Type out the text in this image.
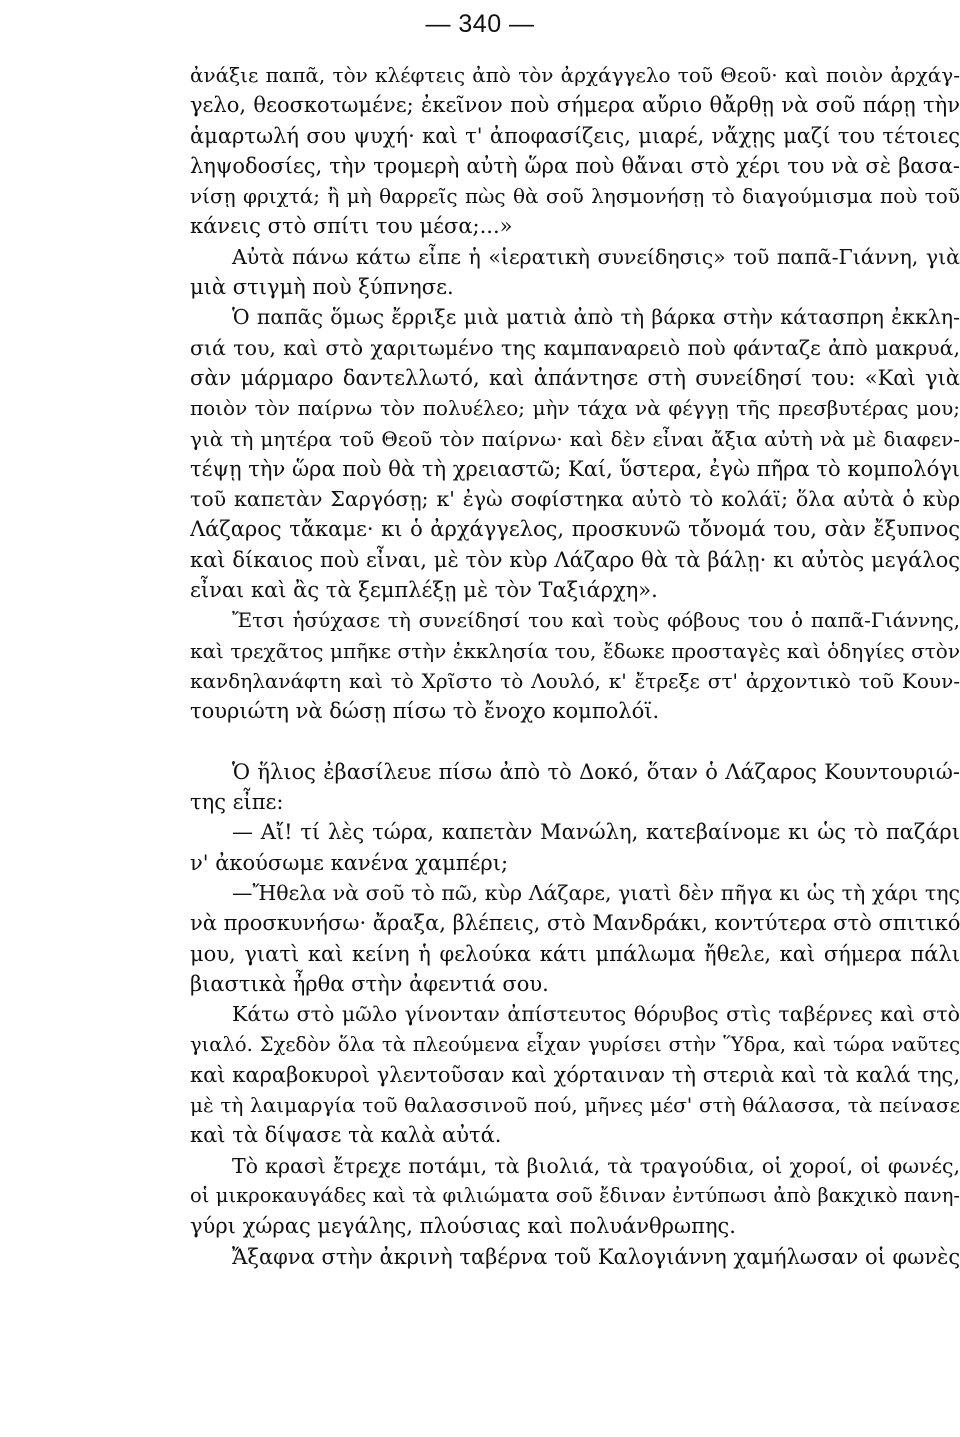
— 340 —
ἀνάξιε παπᾶ, τὸν κλέφτεις ἀπὸ τὸν ἀρχάγγελο τοῦ Θεοῦ· καὶ ποιὸν ἀρχάγ-
γελο, θεοσκοτωμένε; ἐκεῖνον ποὺ σήμερα αὔριο θἄρθῃ νὰ σοῦ πάρῃ τὴν
ἁμαρτωλή σου ψυχή· καὶ τ' ἀποφασίζεις, μιαρέ, νἄχῃς μαζί του τέτοιες
ληψοδοσίες, τὴν τρομερὴ αὐτὴ ὥρα ποὺ θἄναι στὸ χέρι του νὰ σὲ βασα-
νίσῃ φριχτά; ἢ μὴ θαρρεῖς πὼς θὰ σοῦ λησμονήσῃ τὸ διαγούμισμα ποὺ τοῦ
κάνεις στὸ σπίτι του μέσα;...»
Αὐτὰ πάνω κάτω εἶπε ἡ «ἱερατικὴ συνείδησις» τοῦ παπᾶ-Γιάννη, γιὰ
μιὰ στιγμὴ ποὺ ξύπνησε.
Ὁ παπᾶς ὅμως ἔρριξε μιὰ ματιὰ ἀπὸ τὴ βάρκα στὴν κάτασπρη ἐκκλη-
σιά του, καὶ στὸ χαριτωμένο της καμπαναρειὸ ποὺ φάνταζε ἀπὸ μακρυά,
σὰν μάρμαρο δαντελλωτό, καὶ ἀπάντησε στὴ συνείδησί του: «Καὶ γιὰ
ποιὸν τὸν παίρνω τὸν πολυέλεο; μὴν τάχα νὰ φέγγῃ τῆς πρεσβυτέρας μου;
γιὰ τὴ μητέρα τοῦ Θεοῦ τὸν παίρνω· καὶ δὲν εἶναι ἄξια αὐτὴ νὰ μὲ διαφεν-
τέψῃ τὴν ὥρα ποὺ θὰ τὴ χρειαστῶ; Καί, ὕστερα, ἐγὼ πῆρα τὸ κομπολόγι
τοῦ καπετὰν Σαργόσῃ; κ' ἐγὼ σοφίστηκα αὐτὸ τὸ κολάϊ; ὅλα αὐτὰ ὁ κὺρ
Λάζαρος τἄκαμε· κι ὁ ἀρχάγγελος, προσκυνῶ τὄνομά του, σὰν ἔξυπνος
καὶ δίκαιος ποὺ εἶναι, μὲ τὸν κὺρ Λάζαρο θὰ τὰ βάλῃ· κι αὐτὸς μεγάλος
εἶναι καὶ ἂς τὰ ξεμπλέξῃ μὲ τὸν Ταξιάρχη».
Ἔτσι ἡσύχασε τὴ συνείδησί του καὶ τοὺς φόβους του ὁ παπᾶ-Γιάννης,
καὶ τρεχᾶτος μπῆκε στὴν ἐκκλησία του, ἔδωκε προσταγὲς καὶ ὁδηγίες στὸν
κανδηλανάφτη καὶ τὸ Χρῖστο τὸ Λουλό, κ' ἔτρεξε στ' ἀρχοντικὸ τοῦ Κουν-
τουριώτη νὰ δώσῃ πίσω τὸ ἔνοχο κομπολόϊ.
Ὁ ἥλιος ἐβασίλευε πίσω ἀπὸ τὸ Δοκό, ὅταν ὁ Λάζαρος Κουντουριώ-
της εἶπε:
— Αἴ! τί λὲς τώρα, καπετὰν Μανώλη, κατεβαίνομε κι ὡς τὸ παζάρι
ν' ἀκούσωμε κανένα χαμπέρι;
—Ἤθελα νὰ σοῦ τὸ πῶ, κὺρ Λάζαρε, γιατὶ δὲν πῆγα κι ὡς τὴ χάρι της
νὰ προσκυνήσω· ἄραξα, βλέπεις, στὸ Μανδράκι, κοντύτερα στὸ σπιτικό
μου, γιατὶ καὶ κείνη ἡ φελούκα κάτι μπάλωμα ἤθελε, καὶ σήμερα πάλι
βιαστικὰ ἦρθα στὴν ἀφεντιά σου.
Κάτω στὸ μῶλο γίνονταν ἀπίστευτος θόρυβος στὶς ταβέρνες καὶ στὸ
γιαλό. Σχεδὸν ὅλα τὰ πλεούμενα εἶχαν γυρίσει στὴν Ὕδρα, καὶ τώρα ναῦτες
καὶ καραβοκυροὶ γλεντοῦσαν καὶ χόρταιναν τὴ στεριὰ καὶ τὰ καλά της,
μὲ τὴ λαιμαργία τοῦ θαλασσινοῦ πού, μῆνες μέσ' στὴ θάλασσα, τὰ πείνασε
καὶ τὰ δίψασε τὰ καλὰ αὐτά.
Τὸ κρασὶ ἔτρεχε ποτάμι, τὰ βιολιά, τὰ τραγούδια, οἱ χοροί, οἱ φωνές,
οἱ μικροκαυγάδες καὶ τὰ φιλιώματα σοῦ ἔδιναν ἐντύπωσι ἀπὸ βακχικὸ πανη-
γύρι χώρας μεγάλης, πλούσιας καὶ πολυάνθρωπης.
Ἄξαφνα στὴν ἀκρινὴ ταβέρνα τοῦ Καλογιάννη χαμήλωσαν οἱ φωνὲς
